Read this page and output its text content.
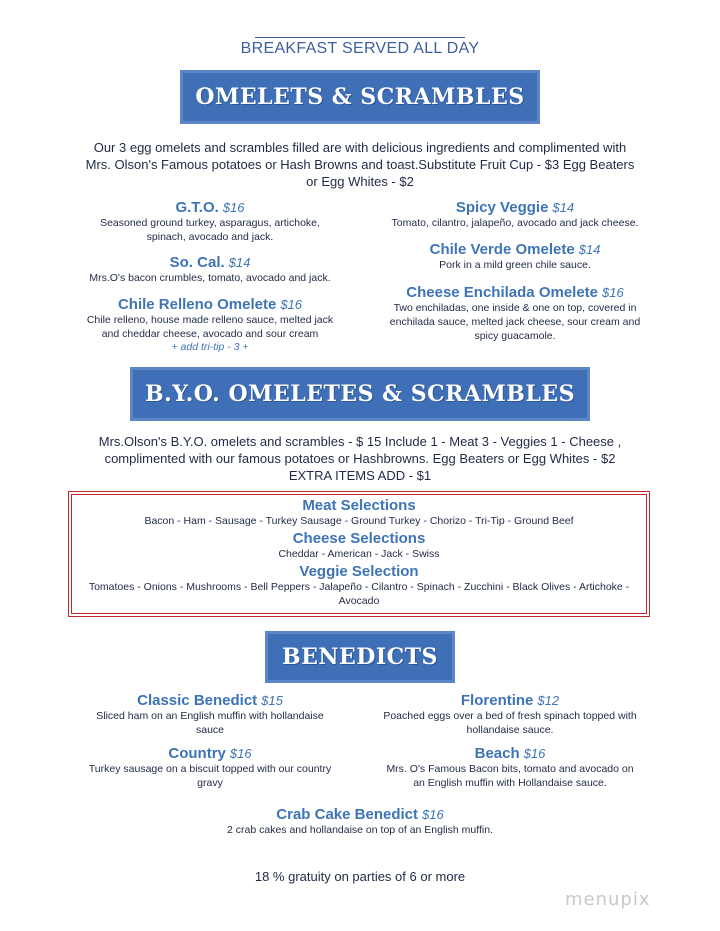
BREAKFAST SERVED ALL DAY
OMELETS & SCRAMBLES
Our 3 egg omelets and scrambles filled are with delicious ingredients and complimented with Mrs. Olson's Famous potatoes or Hash Browns and toast.Substitute Fruit Cup - $3 Egg Beaters or Egg Whites - $2
G.T.O. $16
Seasoned ground turkey, asparagus, artichoke, spinach, avocado and jack.
So. Cal. $14
Mrs.O's bacon crumbles, tomato, avocado and jack.
Chile Relleno Omelete $16
Chile relleno, house made relleno sauce, melted jack and cheddar cheese, avocado and sour cream
+ add tri-tip - 3 +
Spicy Veggie $14
Tomato, cilantro, jalapeño, avocado and jack cheese.
Chile Verde Omelete $14
Pork in a mild green chile sauce.
Cheese Enchilada Omelete $16
Two enchiladas, one inside & one on top, covered in enchilada sauce, melted jack cheese, sour cream and spicy guacamole.
B.Y.O. OMELETES & SCRAMBLES
Mrs.Olson's B.Y.O. omelets and scrambles - $ 15 Include 1 - Meat 3 - Veggies 1 - Cheese ,
complimented with our famous potatoes or Hashbrowns. Egg Beaters or Egg Whites - $2
EXTRA ITEMS ADD - $1
Meat Selections
Bacon - Ham - Sausage - Turkey Sausage - Ground Turkey - Chorizo - Tri-Tip - Ground Beef
Cheese Selections
Cheddar - American - Jack - Swiss
Veggie Selection
Tomatoes - Onions - Mushrooms - Bell Peppers - Jalapeño - Cilantro - Spinach - Zucchini - Black Olives - Artichoke - Avocado
BENEDICTS
Classic Benedict $15
Sliced ham on an English muffin with hollandaise sauce
Country $16
Turkey sausage on a biscuit topped with our country gravy
Florentine $12
Poached eggs over a bed of fresh spinach topped with hollandaise sauce.
Beach $16
Mrs. O's Famous Bacon bits, tomato and avocado on an English muffin with Hollandaise sauce.
Crab Cake Benedict $16
2 crab cakes and hollandaise on top of an English muffin.
18 % gratuity on parties of 6 or more
menupix
